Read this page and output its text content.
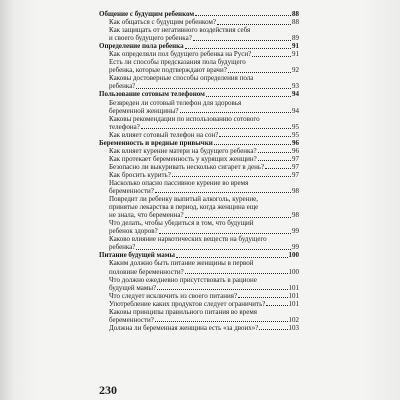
Общение с будущим ребенком	88
Как общаться с будущим ребенком?	88
Как защищать от негативного воздействия себя
и своего будущего ребенка?	89
Определение пола ребенка	91
Как определяли пол будущего ребенка на Руси?	91
Есть ли способы предсказания пола будущего
ребенка, которые подтверждают врачи?	92
Каковы достоверные способы определения пола
ребенка?	93
Пользование сотовым телефоном	94
Безвреден ли сотовый телефон для здоровья
беременной женщины?	94
Каковы рекомендации по использованию сотового
телефона?	95
Как влияет сотовый телефон на сон?	95
Беременность и вредные привычки	96
Как влияет курение матери на будущего ребенка?	96
Как протекает беременность у курящих женщин?	97
Безопасно ли выкуривать несколько сигарет в день?	97
Как бросить курить?	97
Насколько опасно пассивное курение во время
беременности?	98
Повредит ли ребенку выпитый алкоголь, курение,
принятые лекарства в период, когда женщина еще
не знала, что беременна?	98
Что делать, чтобы убедиться в том, что будущий
ребенок здоров?	99
Каково влияние наркотических веществ на будущего
ребенка?	99
Питание будущей мамы	100
Каким должно быть питание женщины в первой
половине беременности?	100
Что должно ежедневно присутствовать в рационе
будущей мамы?	101
Что следует исключить из своего питания?	101
Употребление каких продуктов следует ограничить?	101
Каковы принципы правильного питания во время
беременности?	102
Должна ли беременная женщина есть «за двоих»?	103
230
